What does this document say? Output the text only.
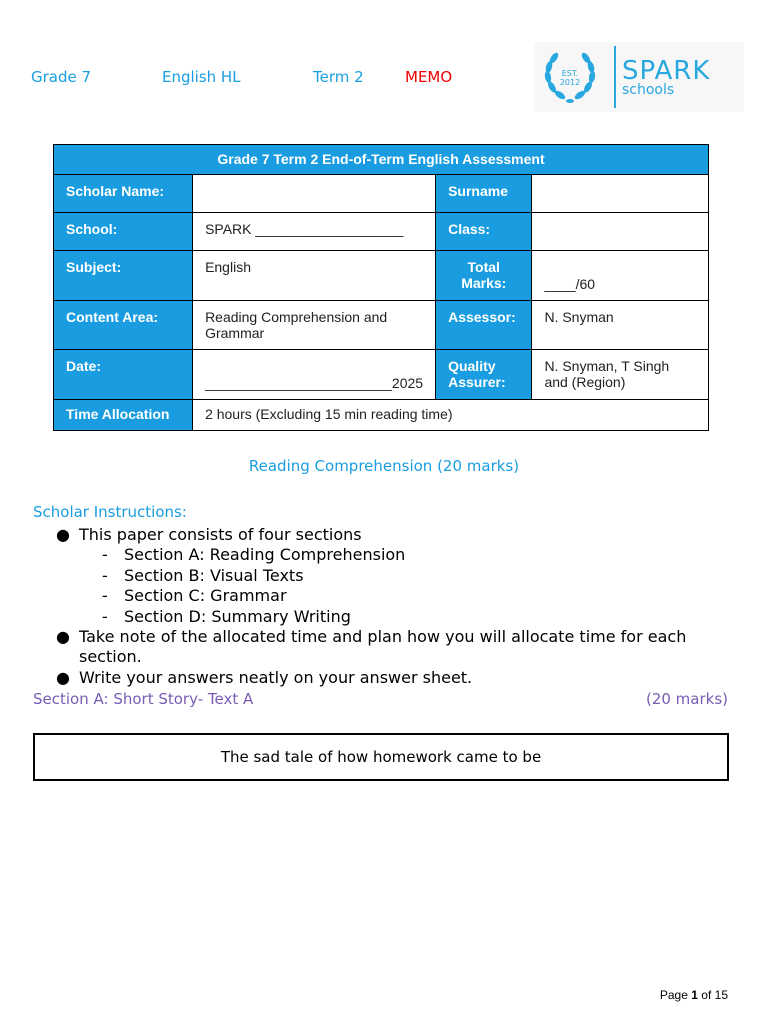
Grade 7	English HL	Term 2	MEMO	EST.
2012	SPARK
schools
Grade 7 Term 2 End-of-Term English Assessment			
Scholar Name:		Surname	
School:	SPARK ___________________	Class:	
Subject:	English	Total Marks:	____/60
Content Area:	Reading Comprehension and Grammar	Assessor:	N. Snyman
Date:	________________________2025	Quality Assurer:	N. Snyman, T Singh and (Region)
Time Allocation	2 hours (Excluding 15 min reading time)		
Reading Comprehension (20 marks)
Scholar Instructions:
● This paper consists of four sections
- Section A: Reading Comprehension
- Section B: Visual Texts
- Section C: Grammar
- Section D: Summary Writing
● Take note of the allocated time and plan how you will allocate time for each section.
● Write your answers neatly on your answer sheet.
Section A: Short Story- Text A	(20 marks)
The sad tale of how homework came to be
Page 1 of 15
